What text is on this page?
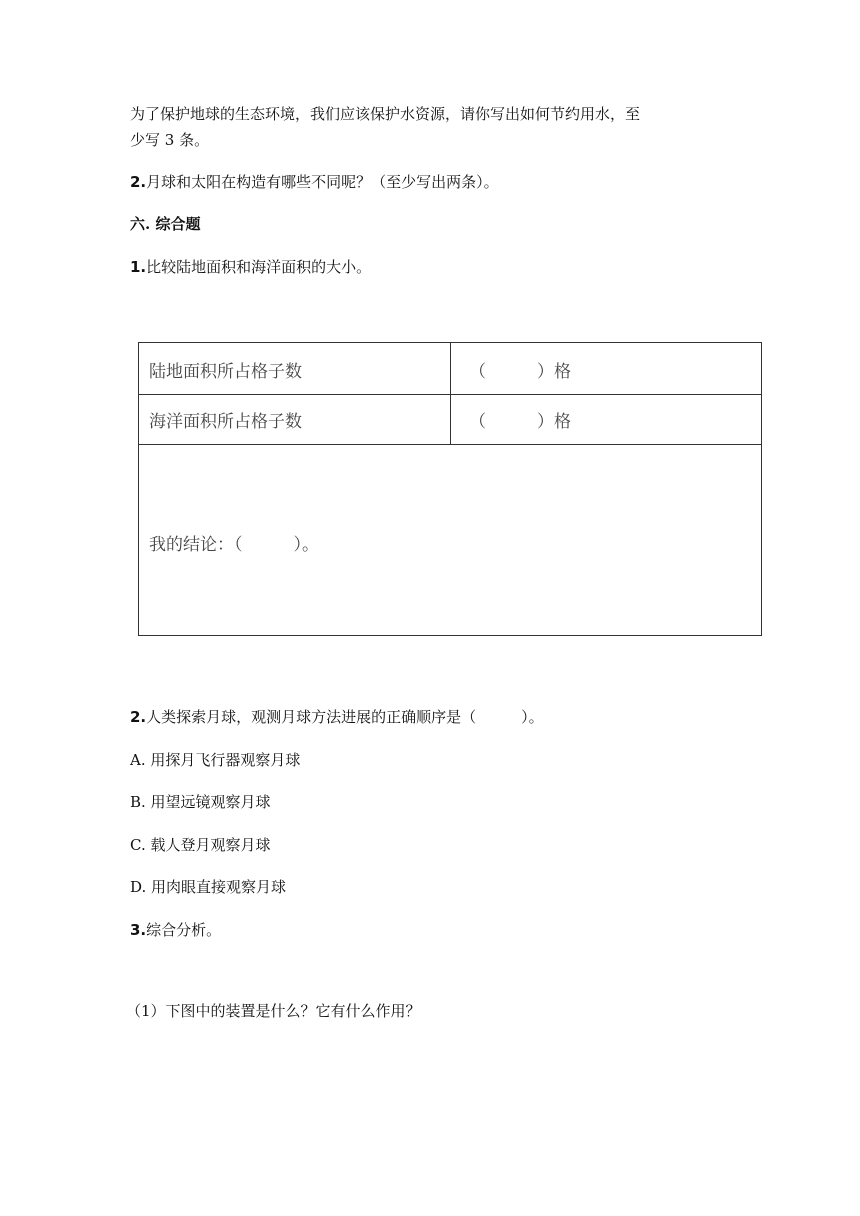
为了保护地球的生态环境，我们应该保护水资源，请你写出如何节约用水，至
少写 3 条。
2.月球和太阳在构造有哪些不同呢？（至少写出两条）。
六. 综合题
1.比较陆地面积和海洋面积的大小。
陆地面积所占格子数	（　　　）格
海洋面积所占格子数	（　　　）格
我的结论：（　　　）。
2.人类探索月球，观测月球方法进展的正确顺序是（　　　）。
A. 用探月飞行器观察月球
B. 用望远镜观察月球
C. 载人登月观察月球
D. 用肉眼直接观察月球
3.综合分析。
（1）下图中的装置是什么？它有什么作用？
